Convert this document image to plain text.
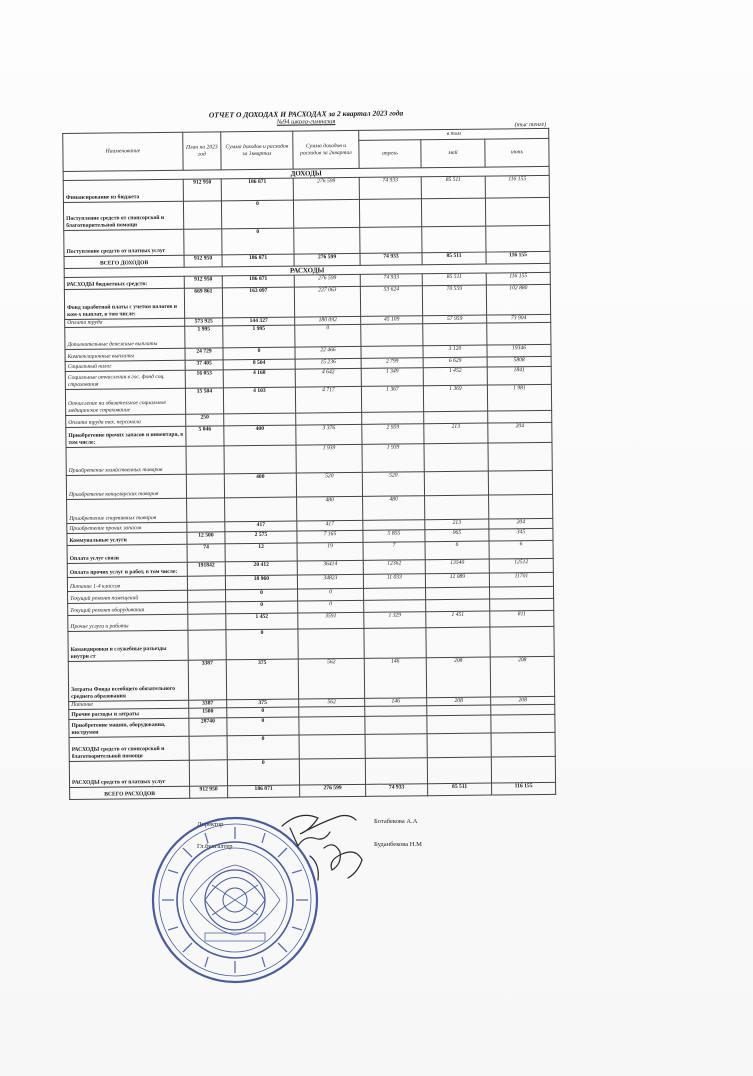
ОТЧЕТ О ДОХОДАХ И РАСХОДАХ за 2 квартал 2023 года
№94 школа-гимназия	(тыс тенге)
Наименование	План на 2023 год	Сумма доходов и расходов за 1квартал	Сумма доходов и расходов за 2квартал	в том		
				апрель	май	июнь
ДОХОДЫ						
Финансирование из бюджета	912 950	186 871	276 599	74 933	85 511	116 155
Поступление средств от спонсорской и благотворительной помощи		0				
Поступление средств от платных услуг		0				
ВСЕГО ДОХОДОВ	912 950	186 871	276 599	74 933	85 511	116 155
РАСХОДЫ						
РАСХОДЫ бюджетных средств:	912 950	186 871	276 599	74 933	85 511	116 155
Фонд заработной платы с учетом налогов и ком-х выплат, в том числе:	669 861	163 097	227 063	53 624	70 559	102 880
Оплата труда	573 925	144 327	180 092	45 109	57 959	73 904
Дополнительные денежные выплаты	1 995	1 995	0			
Компенсационные выплаты	24 729	0	22 466		3 120	19346
Социальный налог	37 405	8 504	15 236	2 799	6 629	5808
Социальные отчисления в гос. фонд соц. страхования	16 053	4 168	4 642	1 349	1 452	1841
Отчисление на обязательное социальное медицинское страхование	15 504	4 103	4 717	1 367	1 369	1 981
Оплата труда тех. персонала	250					
Приобретение прочих запасов и инвентаря, в том числе:	5 046	400	3 376	2 959	213	204
Приобретение хозяйственных товаров			1 939	1 939		
Приобретение канцелярских товаров		400	520	520		
Приобретение спортивных товаров			480	480		
Приобретение прочих запасов		417	417		213	204
Коммунальные услуги	12 500	2 575	7 165	5 855	965	345
Оплата услуг связи	74	12	19	7	6	6
Оплата прочих услуг и работ, в том числе:	191842	20 412	36414	12362	13540	12512
Питание 1-4 классов		18 960	34823	11 033	12 089	11701
Текущий ремонт помещений		0	0			
Текущий ремонт оборудования		0	0			
Прочие услуги и работы		1 452	3591	1 329	1 451	811
Командировки и служебные разъезды внутри ст		0				
Затраты Фонда всеобщего обязательного среднего образования	3387	375	562	146	208	208
Питание	3387	375	562	146	208	208
Прочие расходы и затраты	1500	0				
Приобретение машин, оборудования, инструмен	28740	0				
РАСХОДЫ средств от спонсорской и благотворительной помощи		0				
РАСХОДЫ средств от платных услуг		0				
ВСЕГО РАСХОДОВ	912 950	186 871	276 599	74 933	85 511	116 155
Директор	Ботабекова А.А
Гл.бухгалтер	Буданбекова Н.М
